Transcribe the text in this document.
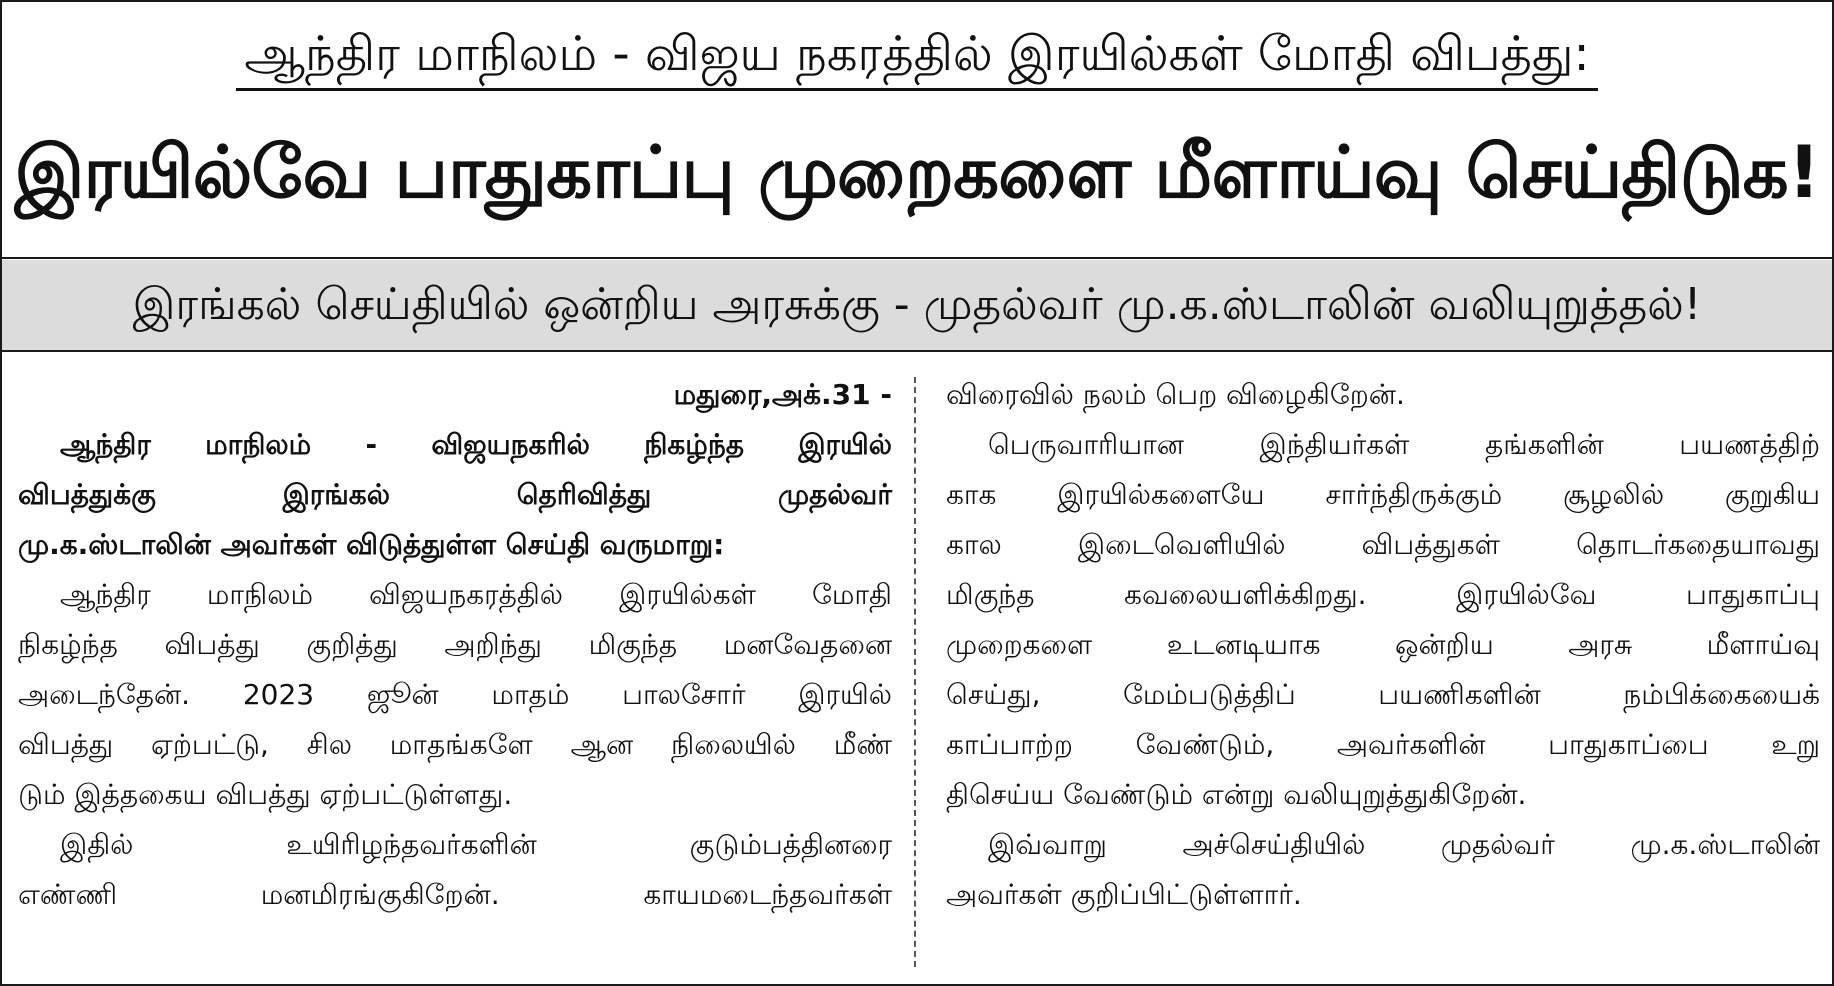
ஆந்திர மாநிலம் - விஜய நகரத்தில் இரயில்கள் மோதி விபத்து:
இரயில்வே பாதுகாப்பு முறைகளை மீளாய்வு செய்திடுக!
இரங்கல் செய்தியில் ஒன்றிய அரசுக்கு - முதல்வர் மு.க.ஸ்டாலின் வலியுறுத்தல்!
மதுரை,அக்.31 -
ஆந்திர மாநிலம் - விஜயநகரில் நிகழ்ந்த இரயில்
விபத்துக்கு இரங்கல் தெரிவித்து முதல்வர்
மு.க.ஸ்டாலின் அவர்கள் விடுத்துள்ள செய்தி வருமாறு:
ஆந்திர மாநிலம் விஜயநகரத்தில் இரயில்கள் மோதி
நிகழ்ந்த விபத்து குறித்து அறிந்து மிகுந்த மனவேதனை
அடைந்தேன். 2023 ஜூன் மாதம் பாலசோர் இரயில்
விபத்து ஏற்பட்டு, சில மாதங்களே ஆன நிலையில் மீண்
டும் இத்தகைய விபத்து ஏற்பட்டுள்ளது.
இதில் உயிரிழந்தவர்களின் குடும்பத்தினரை
எண்ணி மனமிரங்குகிறேன். காயமடைந்தவர்கள்
விரைவில் நலம் பெற விழைகிறேன்.
பெருவாரியான இந்தியர்கள் தங்களின் பயணத்திற்
காக இரயில்களையே சார்ந்திருக்கும் சூழலில் குறுகிய
கால இடைவெளியில் விபத்துகள் தொடர்கதையாவது
மிகுந்த கவலையளிக்கிறது. இரயில்வே பாதுகாப்பு
முறைகளை உடனடியாக ஒன்றிய அரசு மீளாய்வு
செய்து, மேம்படுத்திப் பயணிகளின் நம்பிக்கையைக்
காப்பாற்ற வேண்டும், அவர்களின் பாதுகாப்பை உறு
திசெய்ய வேண்டும் என்று வலியுறுத்துகிறேன்.
இவ்வாறு அச்செய்தியில் முதல்வர் மு.க.ஸ்டாலின்
அவர்கள் குறிப்பிட்டுள்ளார்.
